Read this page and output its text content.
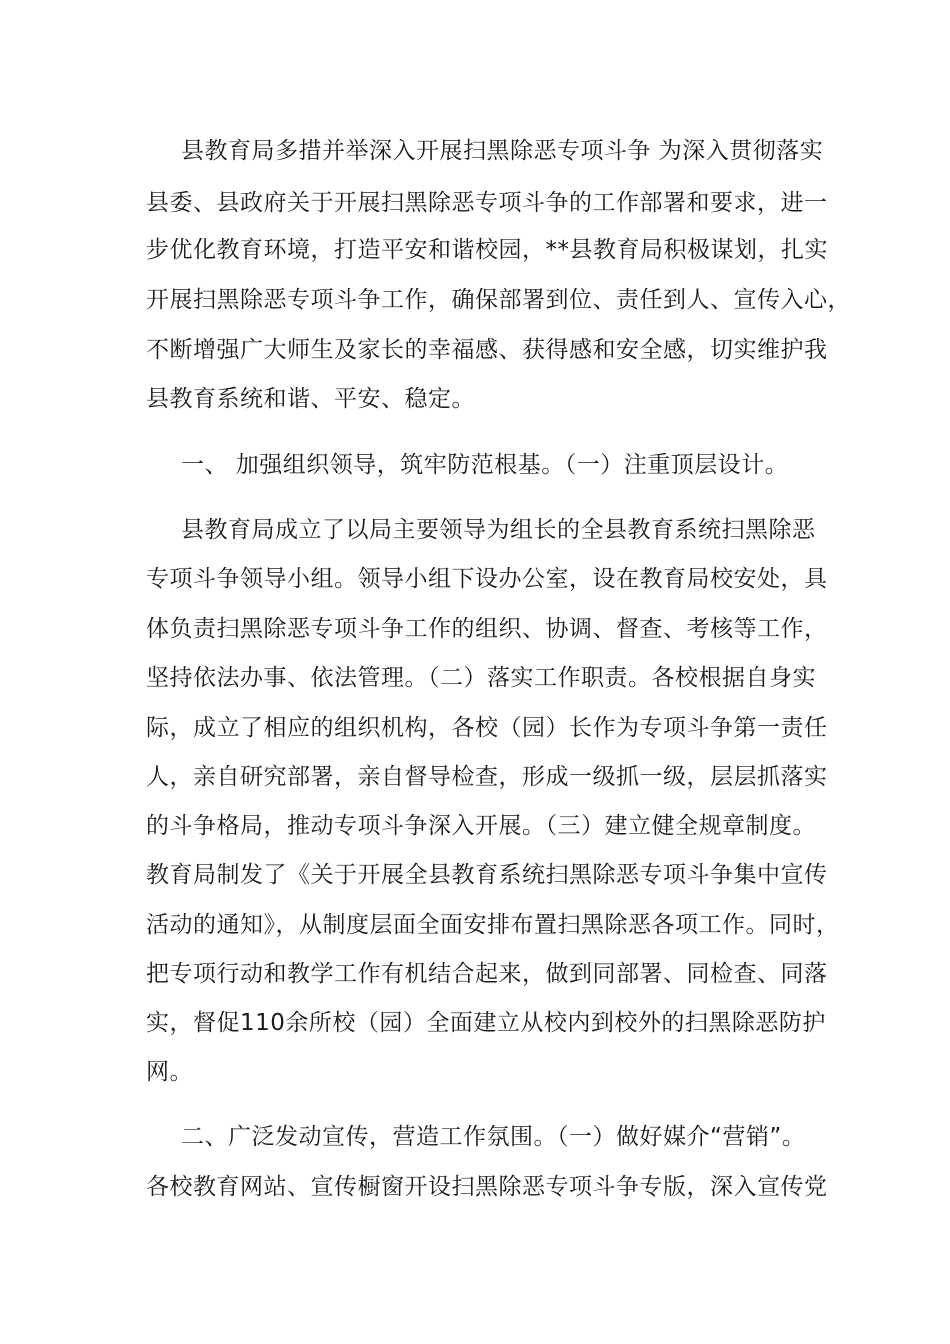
县教育局多措并举深入开展扫黑除恶专项斗争 为深入贯彻落实
县委、县政府关于开展扫黑除恶专项斗争的工作部署和要求，进一
步优化教育环境，打造平安和谐校园，**县教育局积极谋划，扎实
开展扫黑除恶专项斗争工作，确保部署到位、责任到人、宣传入心，
不断增强广大师生及家长的幸福感、获得感和安全感，切实维护我
县教育系统和谐、平安、稳定。
一、 加强组织领导，筑牢防范根基。（一）注重顶层设计。
县教育局成立了以局主要领导为组长的全县教育系统扫黑除恶
专项斗争领导小组。领导小组下设办公室，设在教育局校安处，具
体负责扫黑除恶专项斗争工作的组织、协调、督查、考核等工作，
坚持依法办事、依法管理。（二）落实工作职责。各校根据自身实
际，成立了相应的组织机构，各校（园）长作为专项斗争第一责任
人，亲自研究部署，亲自督导检查，形成一级抓一级，层层抓落实
的斗争格局，推动专项斗争深入开展。（三）建立健全规章制度。
教育局制发了《关于开展全县教育系统扫黑除恶专项斗争集中宣传
活动的通知》，从制度层面全面安排布置扫黑除恶各项工作。同时，
把专项行动和教学工作有机结合起来，做到同部署、同检查、同落
实，督促110余所校（园）全面建立从校内到校外的扫黑除恶防护
网。
二、广泛发动宣传，营造工作氛围。（一）做好媒介“营销”。
各校教育网站、宣传橱窗开设扫黑除恶专项斗争专版，深入宣传党
